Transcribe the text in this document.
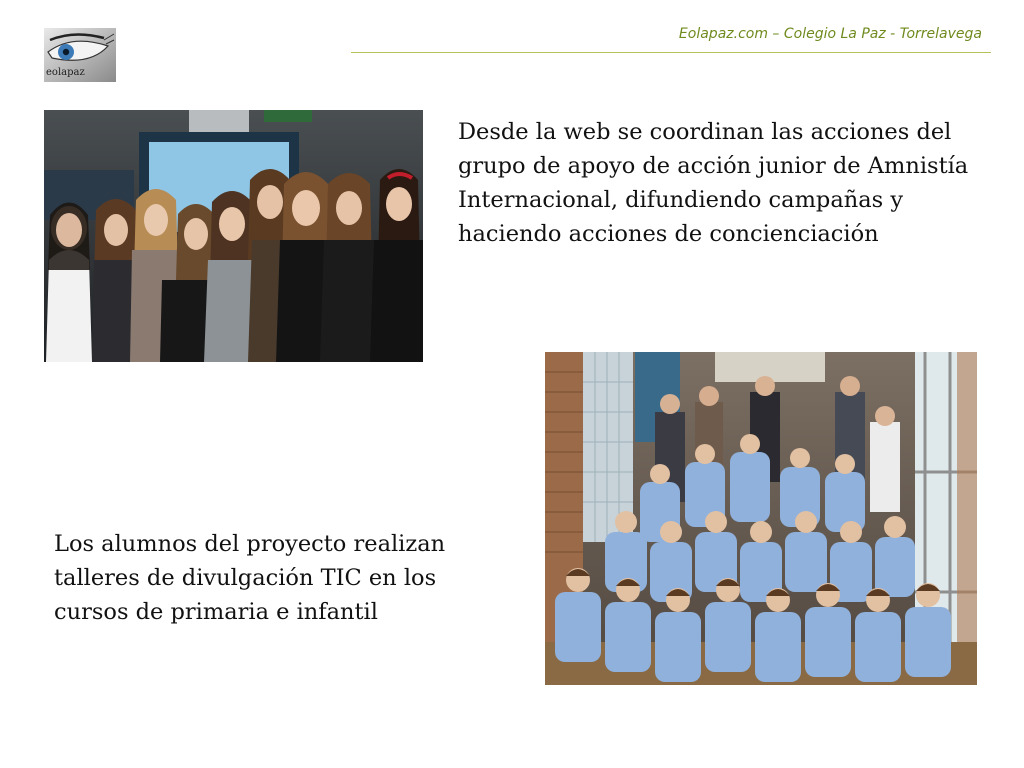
eolapaz
Eolapaz.com – Colegio La Paz - Torrelavega

Desde la web se coordinan las acciones del
grupo de apoyo de acción junior de Amnistía
Internacional, difundiendo campañas y
haciendo acciones de concienciación

Los alumnos del proyecto realizan
talleres de divulgación TIC en los
cursos de primaria e infantil
